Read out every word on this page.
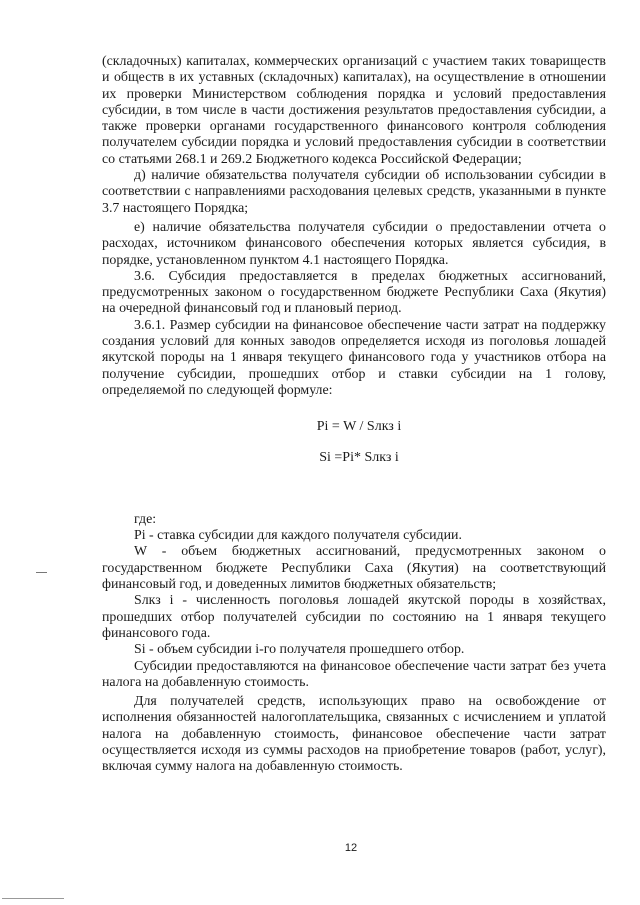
(складочных) капиталах, коммерческих организаций с участием таких товариществ и обществ в их уставных (складочных) капиталах), на осуществление в отношении их проверки Министерством соблюдения порядка и условий предоставления субсидии, в том числе в части достижения результатов предоставления субсидии, а также проверки органами государственного финансового контроля соблюдения получателем субсидии порядка и условий предоставления субсидии в соответствии со статьями 268.1 и 269.2 Бюджетного кодекса Российской Федерации;

д) наличие обязательства получателя субсидии об использовании субсидии в соответствии с направлениями расходования целевых средств, указанными в пункте 3.7 настоящего Порядка;

е) наличие обязательства получателя субсидии о предоставлении отчета о расходах, источником финансового обеспечения которых является субсидия, в порядке, установленном пунктом 4.1 настоящего Порядка.

3.6. Субсидия предоставляется в пределах бюджетных ассигнований, предусмотренных законом о государственном бюджете Республики Саха (Якутия) на очередной финансовый год и плановый период.

3.6.1. Размер субсидии на финансовое обеспечение части затрат на поддержку создания условий для конных заводов определяется исходя из поголовья лошадей якутской породы на 1 января текущего финансового года у участников отбора на получение субсидии, прошедших отбор и ставки субсидии на 1 голову, определяемой по следующей формуле:

Pi = W / Sлкз i

Si =Pi* Sлкз i

где:

Pi - ставка субсидии для каждого получателя субсидии.

W - объем бюджетных ассигнований, предусмотренных законом о государственном бюджете Республики Саха (Якутия) на соответствующий финансовый год, и доведенных лимитов бюджетных обязательств;

Sлкз i - численность поголовья лошадей якутской породы в хозяйствах, прошедших отбор получателей субсидии по состоянию на 1 января текущего финансового года.

Si - объем субсидии i-го получателя прошедшего отбор.

Субсидии предоставляются на финансовое обеспечение части затрат без учета налога на добавленную стоимость.

Для получателей средств, использующих право на освобождение от исполнения обязанностей налогоплательщика, связанных с исчислением и уплатой налога на добавленную стоимость, финансовое обеспечение части затрат осуществляется исходя из суммы расходов на приобретение товаров (работ, услуг), включая сумму налога на добавленную стоимость.

12
